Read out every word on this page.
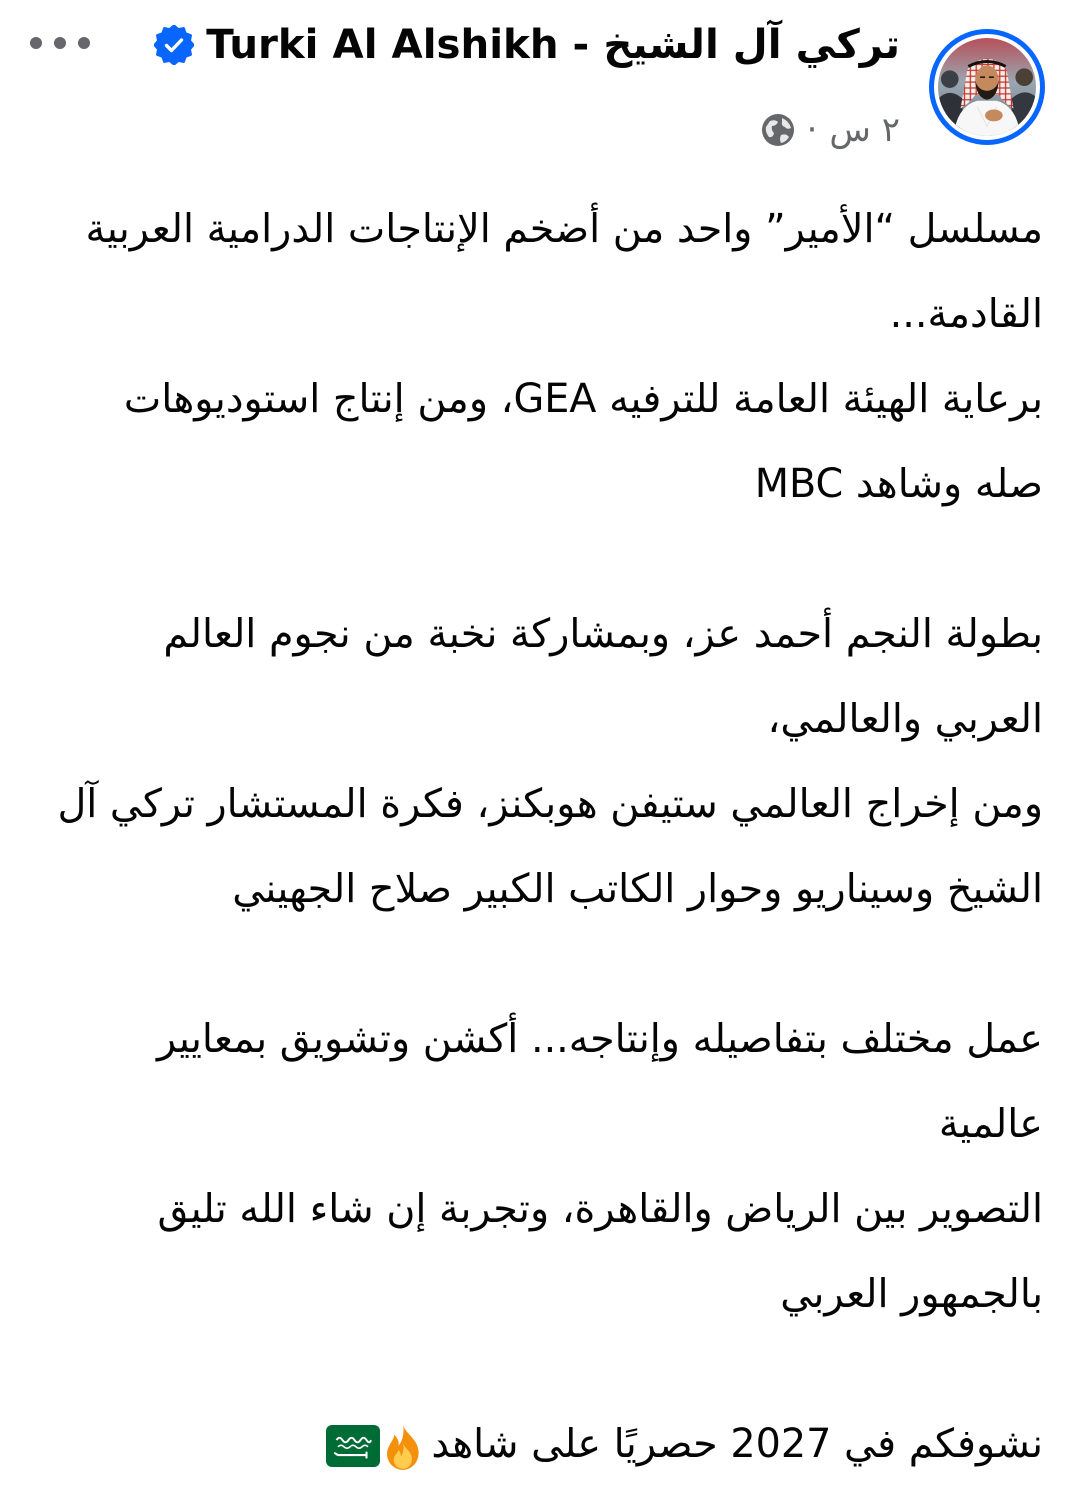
تركي آل الشيخ - Turki Al Alshikh
٢ س
·
مسلسل “الأمير” واحد من أضخم الإنتاجات الدرامية العربية
القادمة...
برعاية الهيئة العامة للترفيه GEA، ومن إنتاج استوديوهات
صله وشاهد MBC
بطولة النجم أحمد عز، وبمشاركة نخبة من نجوم العالم
العربي والعالمي،
ومن إخراج العالمي ستيفن هوبكنز، فكرة المستشار تركي آل
الشيخ وسيناريو وحوار الكاتب الكبير صلاح الجهيني
عمل مختلف بتفاصيله وإنتاجه... أكشن وتشويق بمعايير
عالمية
التصوير بين الرياض والقاهرة، وتجربة إن شاء الله تليق
بالجمهور العربي
نشوفكم في 2027 حصريًا على شاهد
